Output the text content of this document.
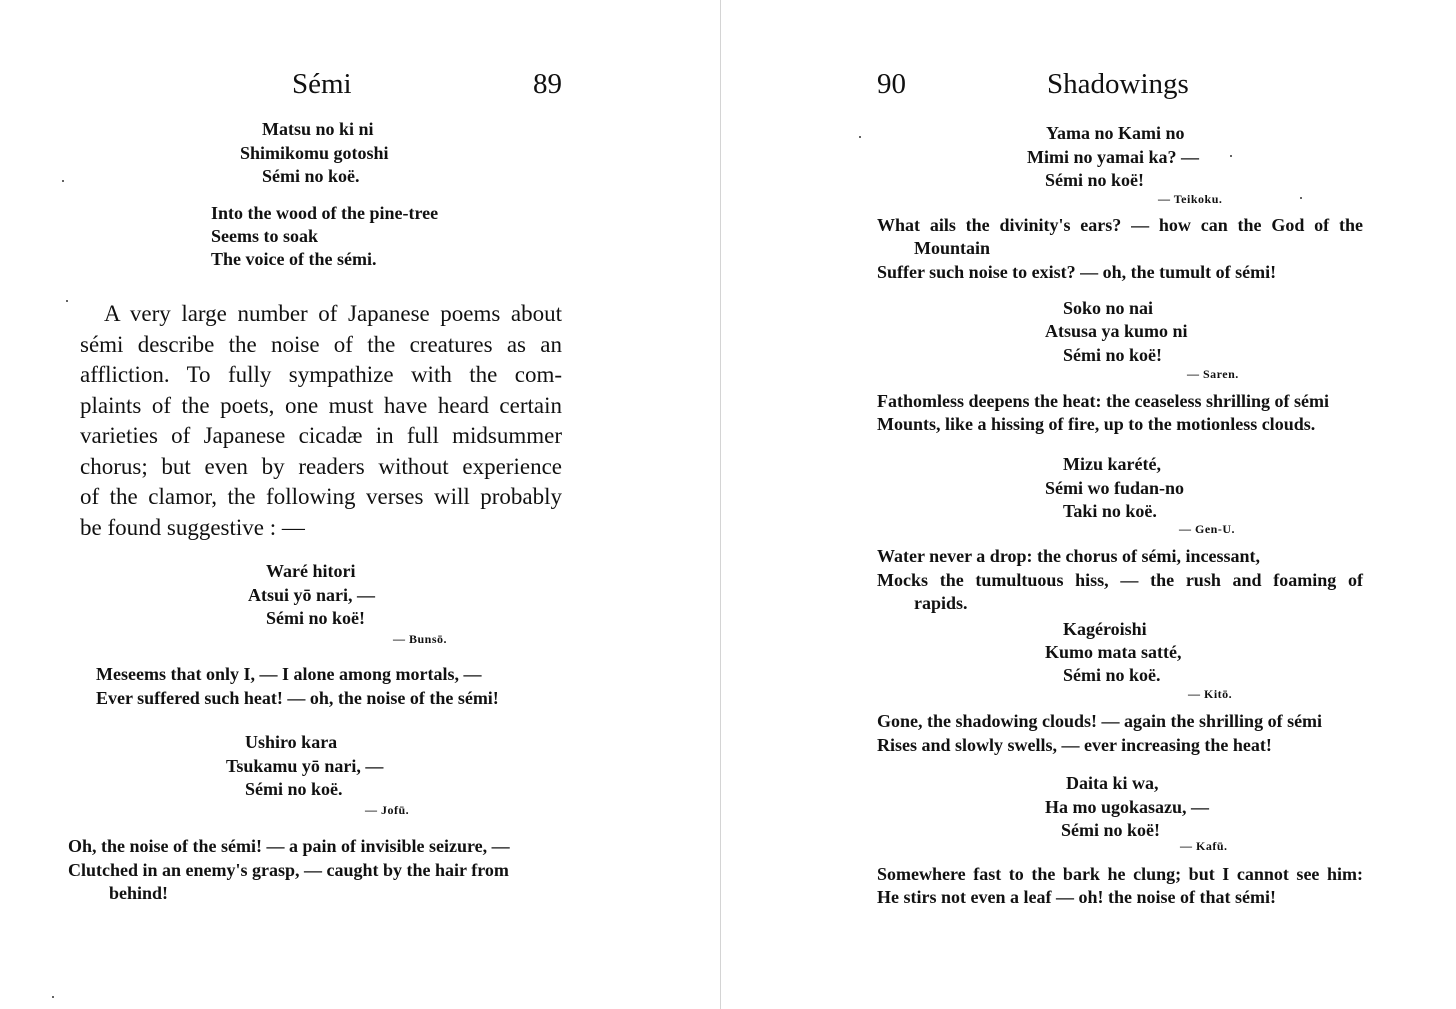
Sémi	89
Matsu no ki ni
Shimikomu gotoshi
Sémi no koë.
Into the wood of the pine-tree
Seems to soak
The voice of the sémi.
A very large number of Japanese poems about
sémi describe the noise of the creatures as an
affliction. To fully sympathize with the com-
plaints of the poets, one must have heard certain
varieties of Japanese cicadæ in full midsummer
chorus; but even by readers without experience
of the clamor, the following verses will probably
be found suggestive : —
Waré hitori
Atsui yō nari, —
Sémi no koë!
— Bunsō.
Meseems that only I, — I alone among mortals, —
Ever suffered such heat! — oh, the noise of the sémi!
Ushiro kara
Tsukamu yō nari, —
Sémi no koë.
— Jofū.
Oh, the noise of the sémi! — a pain of invisible seizure, —
Clutched in an enemy's grasp, — caught by the hair from
behind!
90	Shadowings
Yama no Kami no
Mimi no yamai ka? —
Sémi no koë!
— Teikoku.
What ails the divinity's ears? — how can the God of the
Mountain
Suffer such noise to exist? — oh, the tumult of sémi!
Soko no nai
Atsusa ya kumo ni
Sémi no koë!
— Saren.
Fathomless deepens the heat: the ceaseless shrilling of sémi
Mounts, like a hissing of fire, up to the motionless clouds.
Mizu karété,
Sémi wo fudan-no
Taki no koë.
— Gen-U.
Water never a drop: the chorus of sémi, incessant,
Mocks the tumultuous hiss, — the rush and foaming of
rapids.
Kagéroishi
Kumo mata satté,
Sémi no koë.
— Kitō.
Gone, the shadowing clouds! — again the shrilling of sémi
Rises and slowly swells, — ever increasing the heat!
Daita ki wa,
Ha mo ugokasazu, —
Sémi no koë!
— Kafū.
Somewhere fast to the bark he clung; but I cannot see him:
He stirs not even a leaf — oh! the noise of that sémi!
